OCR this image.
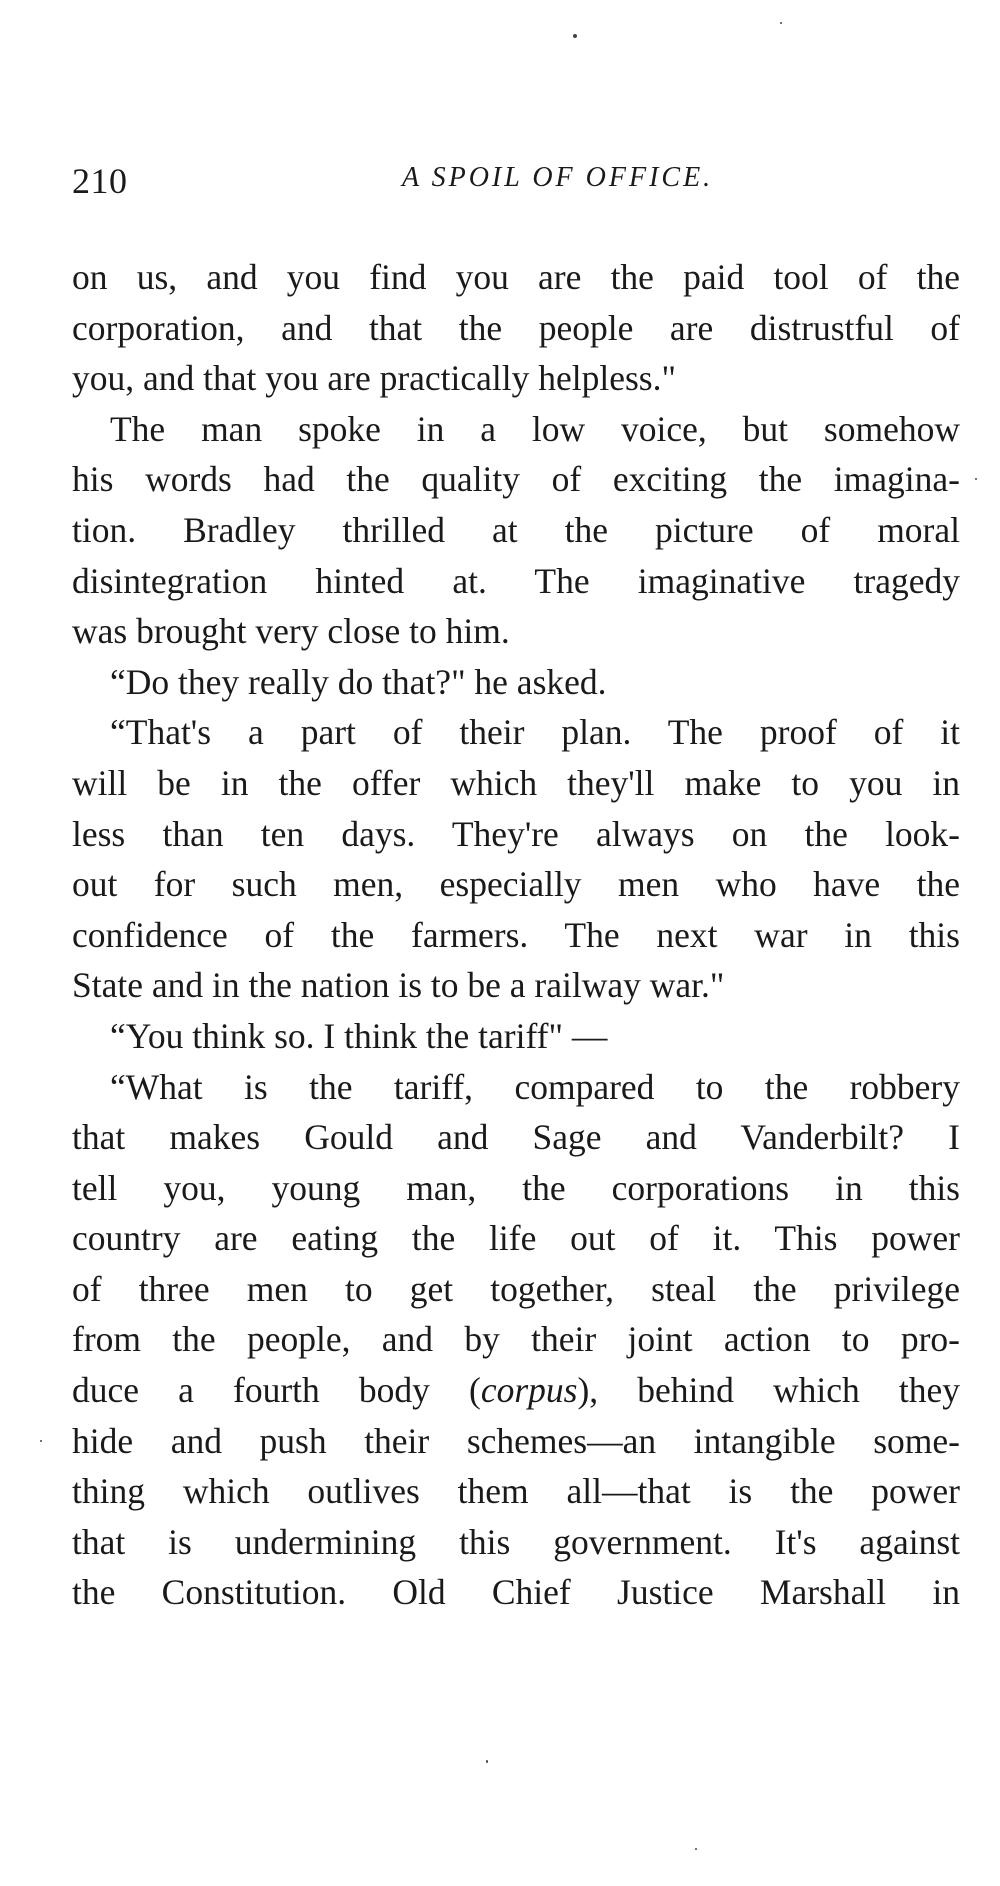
210	A SPOIL OF OFFICE.
on us, and you find you are the paid tool of the
corporation, and that the people are distrustful of
you, and that you are practically helpless."
The man spoke in a low voice, but somehow
his words had the quality of exciting the imagina-
tion. Bradley thrilled at the picture of moral
disintegration hinted at. The imaginative tragedy
was brought very close to him.
“Do they really do that?" he asked.
“That's a part of their plan. The proof of it
will be in the offer which they'll make to you in
less than ten days. They're always on the look-
out for such men, especially men who have the
confidence of the farmers. The next war in this
State and in the nation is to be a railway war."
“You think so. I think the tariff" —
“What is the tariff, compared to the robbery
that makes Gould and Sage and Vanderbilt? I
tell you, young man, the corporations in this
country are eating the life out of it. This power
of three men to get together, steal the privilege
from the people, and by their joint action to pro-
duce a fourth body (corpus), behind which they
hide and push their schemes—an intangible some-
thing which outlives them all—that is the power
that is undermining this government. It's against
the Constitution. Old Chief Justice Marshall in
